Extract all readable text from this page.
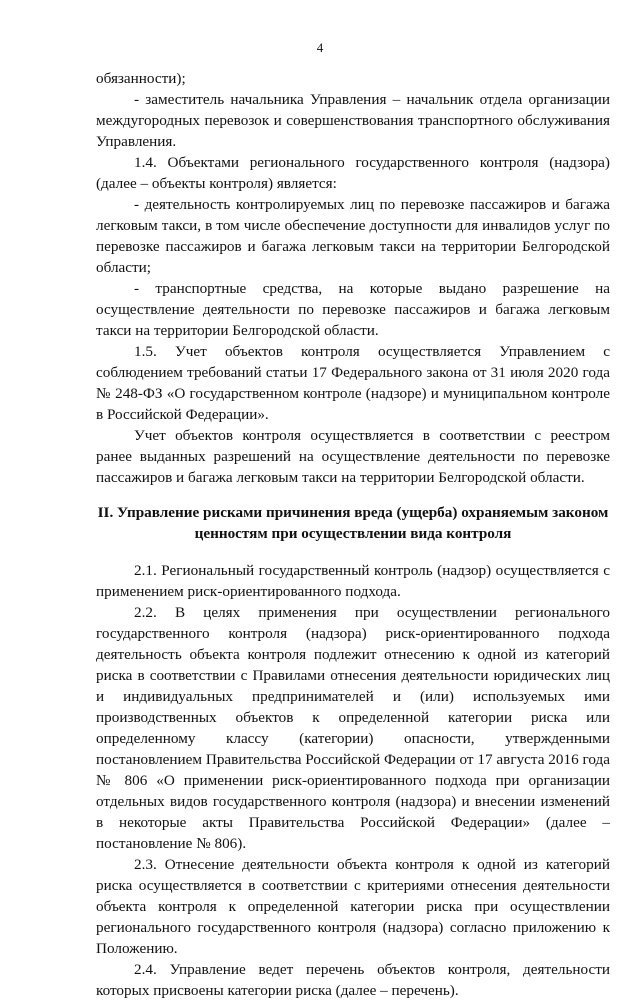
4

обязанности);

- заместитель начальника Управления – начальник отдела организации междугородных перевозок и совершенствования транспортного обслуживания Управления.

1.4. Объектами регионального государственного контроля (надзора) (далее – объекты контроля) является:

- деятельность контролируемых лиц по перевозке пассажиров и багажа легковым такси, в том числе обеспечение доступности для инвалидов услуг по перевозке пассажиров и багажа легковым такси на территории Белгородской области;

- транспортные средства, на которые выдано разрешение на осуществление деятельности по перевозке пассажиров и багажа легковым такси на территории Белгородской области.

1.5. Учет объектов контроля осуществляется Управлением с соблюдением требований статьи 17 Федерального закона от 31 июля 2020 года № 248-ФЗ «О государственном контроле (надзоре) и муниципальном контроле в Российской Федерации».

Учет объектов контроля осуществляется в соответствии с реестром ранее выданных разрешений на осуществление деятельности по перевозке пассажиров и багажа легковым такси на территории Белгородской области.

II. Управление рисками причинения вреда (ущерба) охраняемым законом ценностям при осуществлении вида контроля

2.1. Региональный государственный контроль (надзор) осуществляется с применением риск-ориентированного подхода.

2.2. В целях применения при осуществлении регионального государственного контроля (надзора) риск-ориентированного подхода деятельность объекта контроля подлежит отнесению к одной из категорий риска в соответствии с Правилами отнесения деятельности юридических лиц и индивидуальных предпринимателей и (или) используемых ими производственных объектов к определенной категории риска или определенному классу (категории) опасности, утвержденными постановлением Правительства Российской Федерации от 17 августа 2016 года № 806 «О применении риск-ориентированного подхода при организации отдельных видов государственного контроля (надзора) и внесении изменений в некоторые акты Правительства Российской Федерации» (далее – постановление № 806).

2.3. Отнесение деятельности объекта контроля к одной из категорий риска осуществляется в соответствии с критериями отнесения деятельности объекта контроля к определенной категории риска при осуществлении регионального государственного контроля (надзора) согласно приложению к Положению.

2.4. Управление ведет перечень объектов контроля, деятельности которых присвоены категории риска (далее – перечень).
